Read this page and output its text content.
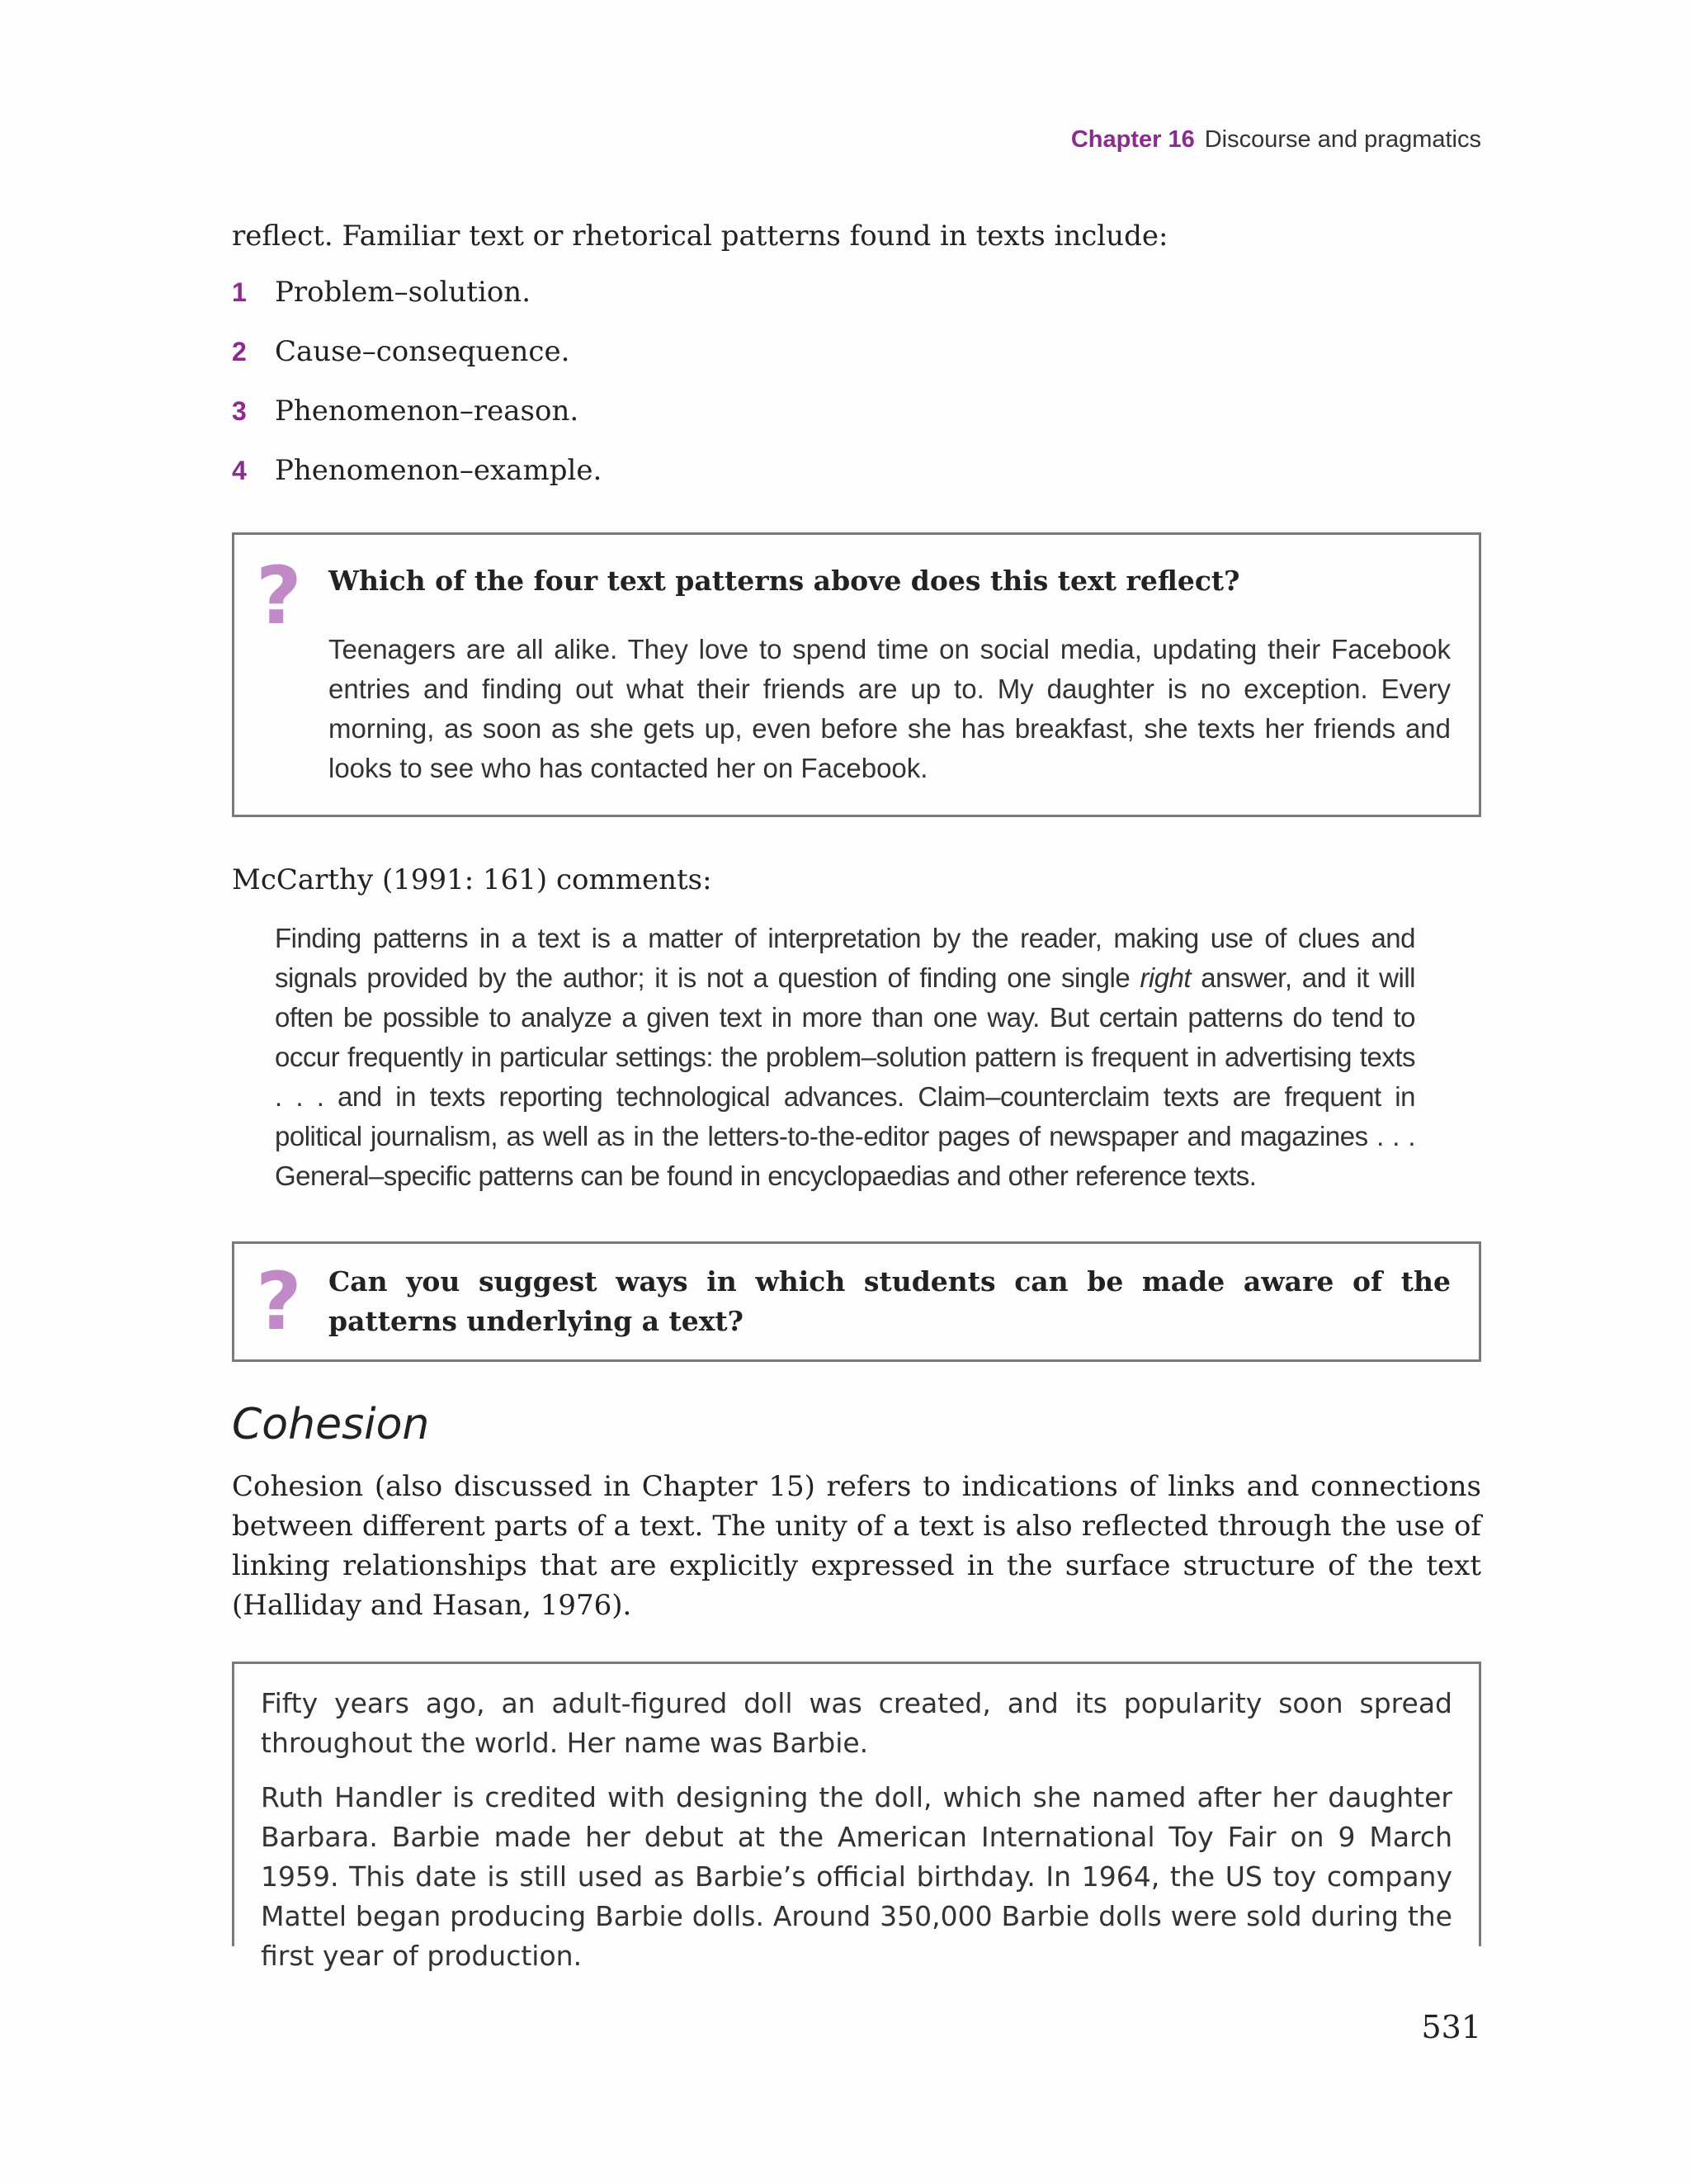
Chapter 16 Discourse and pragmatics

reflect. Familiar text or rhetorical patterns found in texts include:

1 Problem–solution.
2 Cause–consequence.
3 Phenomenon–reason.
4 Phenomenon–example.
? Which of the four text patterns above does this text reflect?

Teenagers are all alike. They love to spend time on social media, updating their Facebook entries and finding out what their friends are up to. My daughter is no exception. Every morning, as soon as she gets up, even before she has breakfast, she texts her friends and looks to see who has contacted her on Facebook.

McCarthy (1991: 161) comments:

Finding patterns in a text is a matter of interpretation by the reader, making use of clues and signals provided by the author; it is not a question of finding one single right answer, and it will often be possible to analyze a given text in more than one way. But certain patterns do tend to occur frequently in particular settings: the problem–solution pattern is frequent in advertising texts . . . and in texts reporting technological advances. Claim–counterclaim texts are frequent in political journalism, as well as in the letters-to-the-editor pages of newspaper and magazines . . . General–specific patterns can be found in encyclopaedias and other reference texts.

? Can you suggest ways in which students can be made aware of the patterns underlying a text?
Cohesion

Cohesion (also discussed in Chapter 15) refers to indications of links and connections between different parts of a text. The unity of a text is also reflected through the use of linking relationships that are explicitly expressed in the surface structure of the text (Halliday and Hasan, 1976).

Fifty years ago, an adult-figured doll was created, and its popularity soon spread throughout the world. Her name was Barbie.

Ruth Handler is credited with designing the doll, which she named after her daughter Barbara. Barbie made her debut at the American International Toy Fair on 9 March 1959. This date is still used as Barbie’s official birthday. In 1964, the US toy company Mattel began producing Barbie dolls. Around 350,000 Barbie dolls were sold during the first year of production.

531
